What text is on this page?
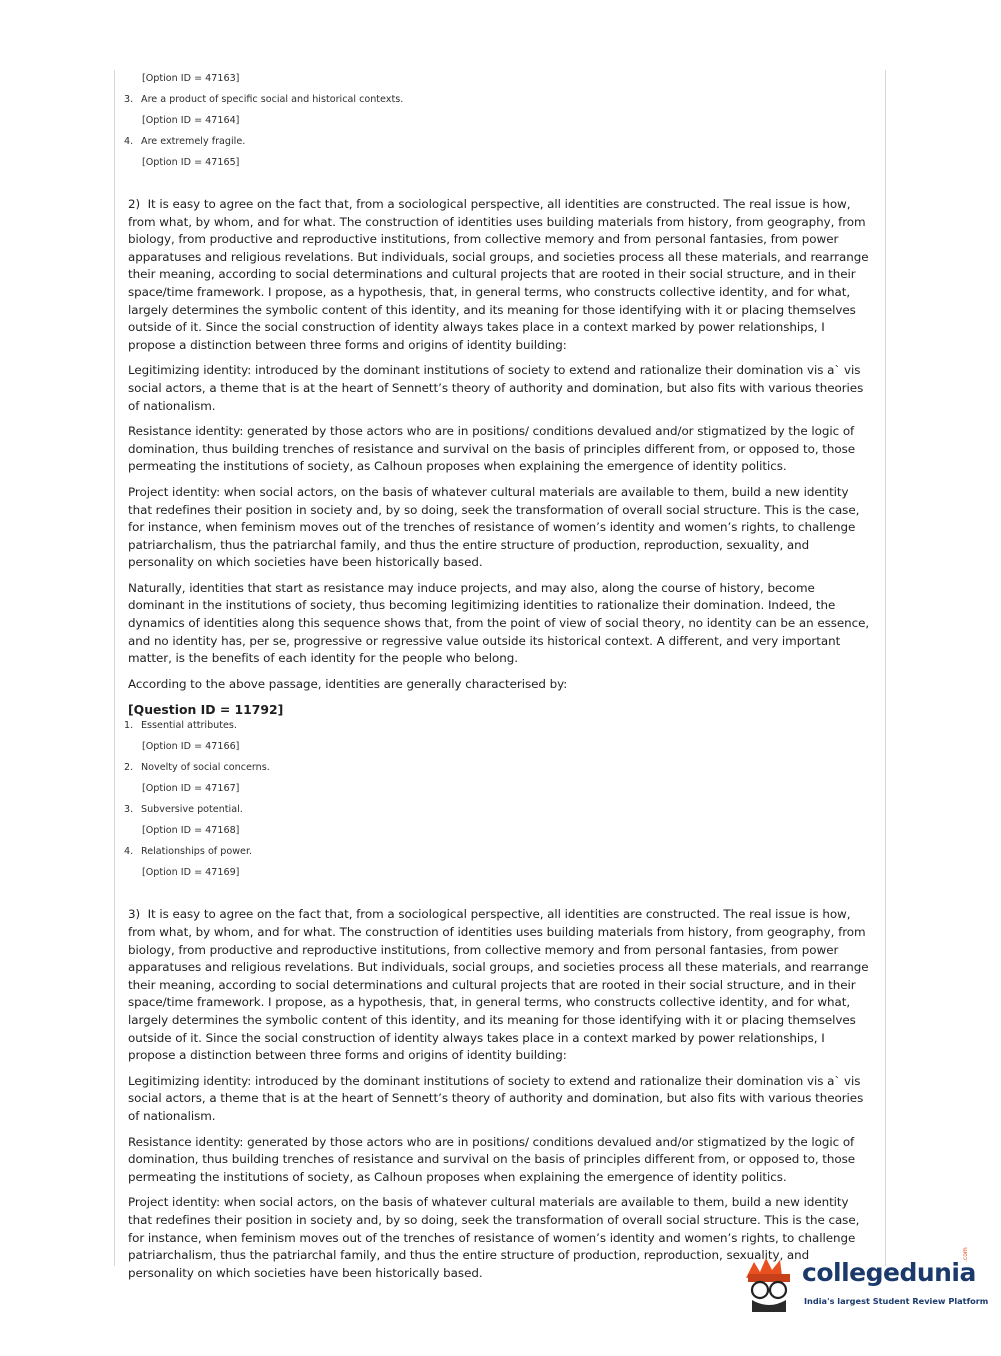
[Option ID = 47163]
3. Are a product of specific social and historical contexts.
[Option ID = 47164]
4. Are extremely fragile.
[Option ID = 47165]

2) It is easy to agree on the fact that, from a sociological perspective, all identities are constructed. The real issue is how, from what, by whom, and for what. The construction of identities uses building materials from history, from geography, from biology, from productive and reproductive institutions, from collective memory and from personal fantasies, from power apparatuses and religious revelations. But individuals, social groups, and societies process all these materials, and rearrange their meaning, according to social determinations and cultural projects that are rooted in their social structure, and in their space/time framework. I propose, as a hypothesis, that, in general terms, who constructs collective identity, and for what, largely determines the symbolic content of this identity, and its meaning for those identifying with it or placing themselves outside of it. Since the social construction of identity always takes place in a context marked by power relationships, I propose a distinction between three forms and origins of identity building:

Legitimizing identity: introduced by the dominant institutions of society to extend and rationalize their domination vis a` vis social actors, a theme that is at the heart of Sennett’s theory of authority and domination, but also fits with various theories of nationalism.

Resistance identity: generated by those actors who are in positions/ conditions devalued and/or stigmatized by the logic of domination, thus building trenches of resistance and survival on the basis of principles different from, or opposed to, those permeating the institutions of society, as Calhoun proposes when explaining the emergence of identity politics.

Project identity: when social actors, on the basis of whatever cultural materials are available to them, build a new identity that redefines their position in society and, by so doing, seek the transformation of overall social structure. This is the case, for instance, when feminism moves out of the trenches of resistance of women’s identity and women’s rights, to challenge patriarchalism, thus the patriarchal family, and thus the entire structure of production, reproduction, sexuality, and personality on which societies have been historically based.

Naturally, identities that start as resistance may induce projects, and may also, along the course of history, become dominant in the institutions of society, thus becoming legitimizing identities to rationalize their domination. Indeed, the dynamics of identities along this sequence shows that, from the point of view of social theory, no identity can be an essence, and no identity has, per se, progressive or regressive value outside its historical context. A different, and very important matter, is the benefits of each identity for the people who belong.

According to the above passage, identities are generally characterised by:

[Question ID = 11792]
1. Essential attributes.
[Option ID = 47166]
2. Novelty of social concerns.
[Option ID = 47167]
3. Subversive potential.
[Option ID = 47168]
4. Relationships of power.
[Option ID = 47169]

3) It is easy to agree on the fact that, from a sociological perspective, all identities are constructed. The real issue is how, from what, by whom, and for what. The construction of identities uses building materials from history, from geography, from biology, from productive and reproductive institutions, from collective memory and from personal fantasies, from power apparatuses and religious revelations. But individuals, social groups, and societies process all these materials, and rearrange their meaning, according to social determinations and cultural projects that are rooted in their social structure, and in their space/time framework. I propose, as a hypothesis, that, in general terms, who constructs collective identity, and for what, largely determines the symbolic content of this identity, and its meaning for those identifying with it or placing themselves outside of it. Since the social construction of identity always takes place in a context marked by power relationships, I propose a distinction between three forms and origins of identity building:

Legitimizing identity: introduced by the dominant institutions of society to extend and rationalize their domination vis a` vis social actors, a theme that is at the heart of Sennett’s theory of authority and domination, but also fits with various theories of nationalism.

Resistance identity: generated by those actors who are in positions/ conditions devalued and/or stigmatized by the logic of domination, thus building trenches of resistance and survival on the basis of principles different from, or opposed to, those permeating the institutions of society, as Calhoun proposes when explaining the emergence of identity politics.

Project identity: when social actors, on the basis of whatever cultural materials are available to them, build a new identity that redefines their position in society and, by so doing, seek the transformation of overall social structure. This is the case, for instance, when feminism moves out of the trenches of resistance of women’s identity and women’s rights, to challenge patriarchalism, thus the patriarchal family, and thus the entire structure of production, reproduction, sexuality, and personality on which societies have been historically based.	collegedunia
.com
India's largest Student Review Platform
